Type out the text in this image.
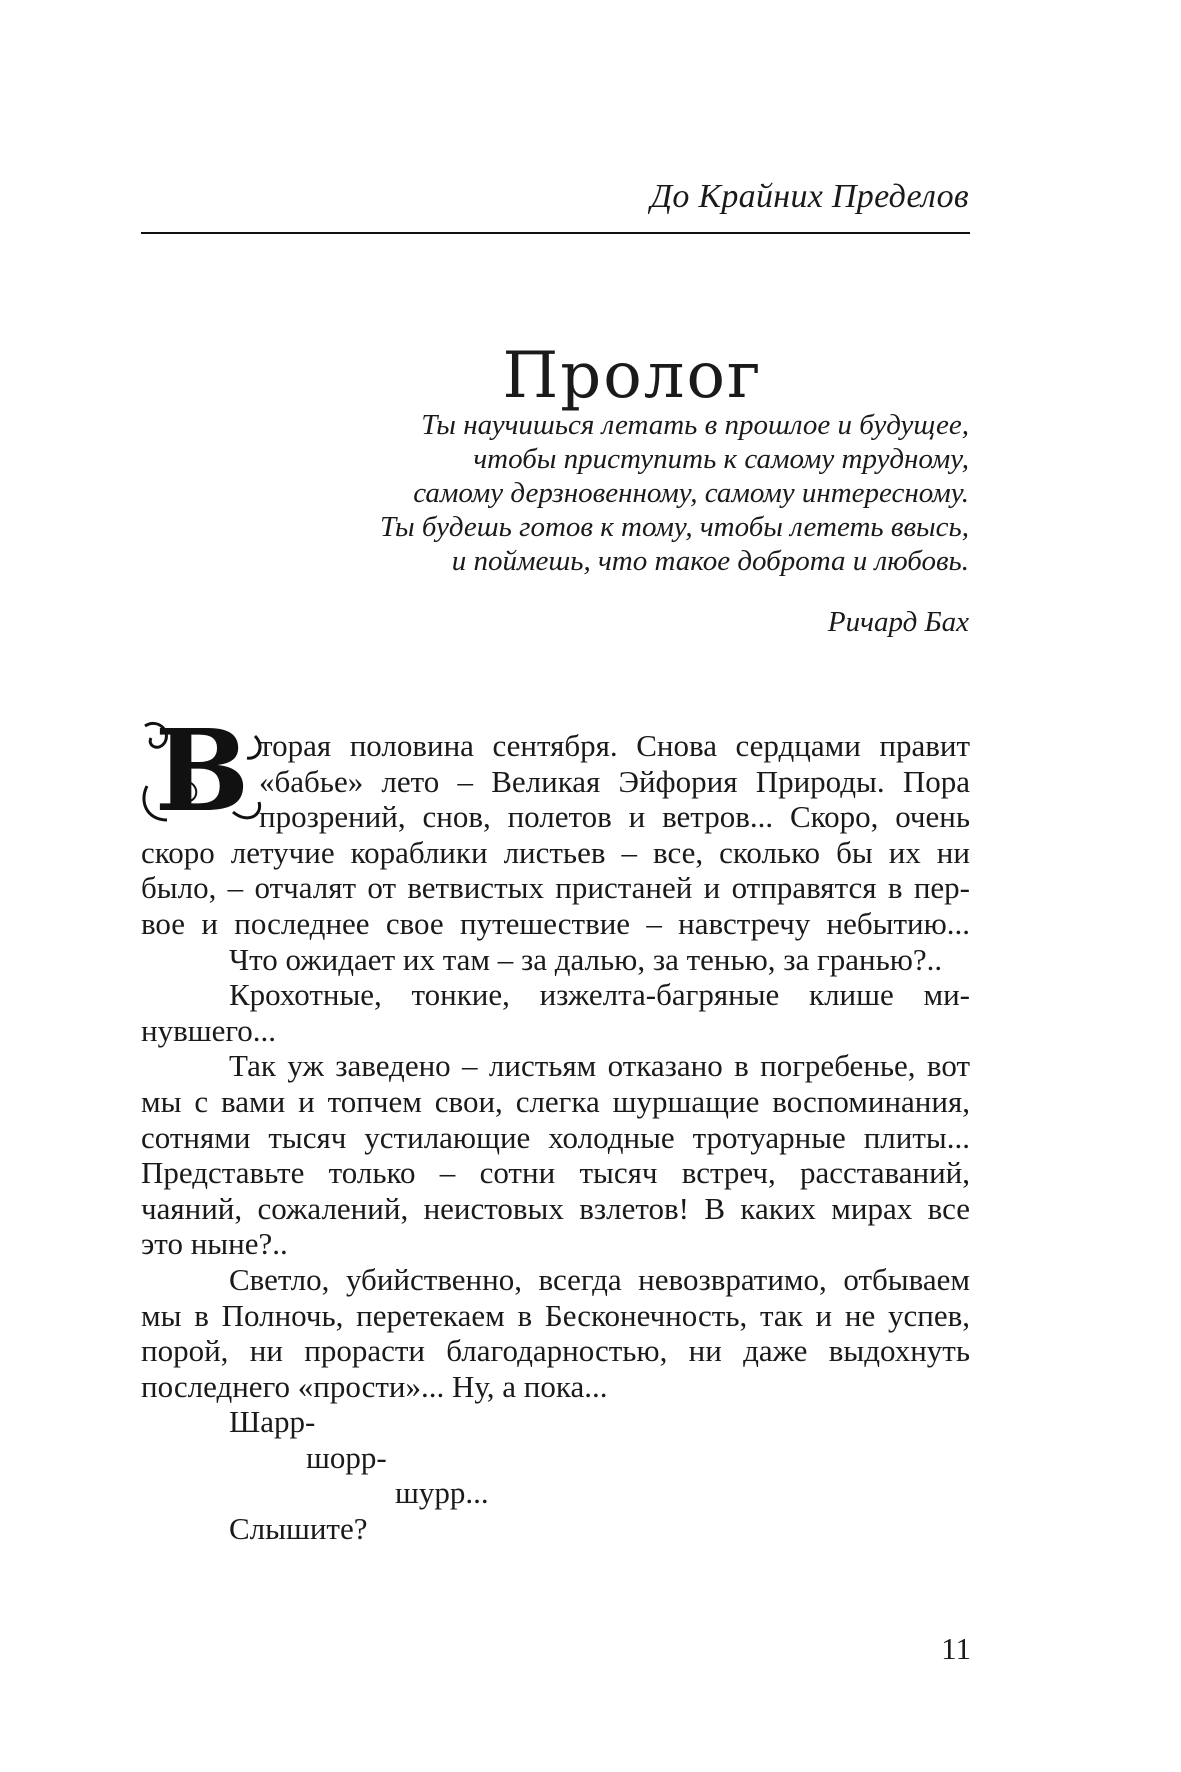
До Крайних Пределов
Пролог
Ты научишься летать в прошлое и будущее,
чтобы приступить к самому трудному,
самому дерзновенному, самому интересному.
Ты будешь готов к тому, чтобы лететь ввысь,
и поймешь, что такое доброта и любовь.
Ричард Бах
В торая половина сентября. Снова сердцами правит
«бабье» лето – Великая Эйфория Природы. Пора
прозрений, снов, полетов и ветров... Скоро, очень
скоро летучие кораблики листьев – все, сколько бы их ни
было, – отчалят от ветвистых пристаней и отправятся в пер-
вое и последнее свое путешествие – навстречу небытию...
Что ожидает их там – за далью, за тенью, за гранью?..
Крохотные, тонкие, изжелта-багряные клише ми-
нувшего...
Так уж заведено – листьям отказано в погребенье, вот
мы с вами и топчем свои, слегка шуршащие воспоминания,
сотнями тысяч устилающие холодные тротуарные плиты...
Представьте только – сотни тысяч встреч, расставаний,
чаяний, сожалений, неистовых взлетов! В каких мирах все
это ныне?..
Светло, убийственно, всегда невозвратимо, отбываем
мы в Полночь, перетекаем в Бесконечность, так и не успев,
порой, ни прорасти благодарностью, ни даже выдохнуть
последнего «прости»... Ну, а пока...
Шарр-
шорр-
шурр...
Слышите?
11
